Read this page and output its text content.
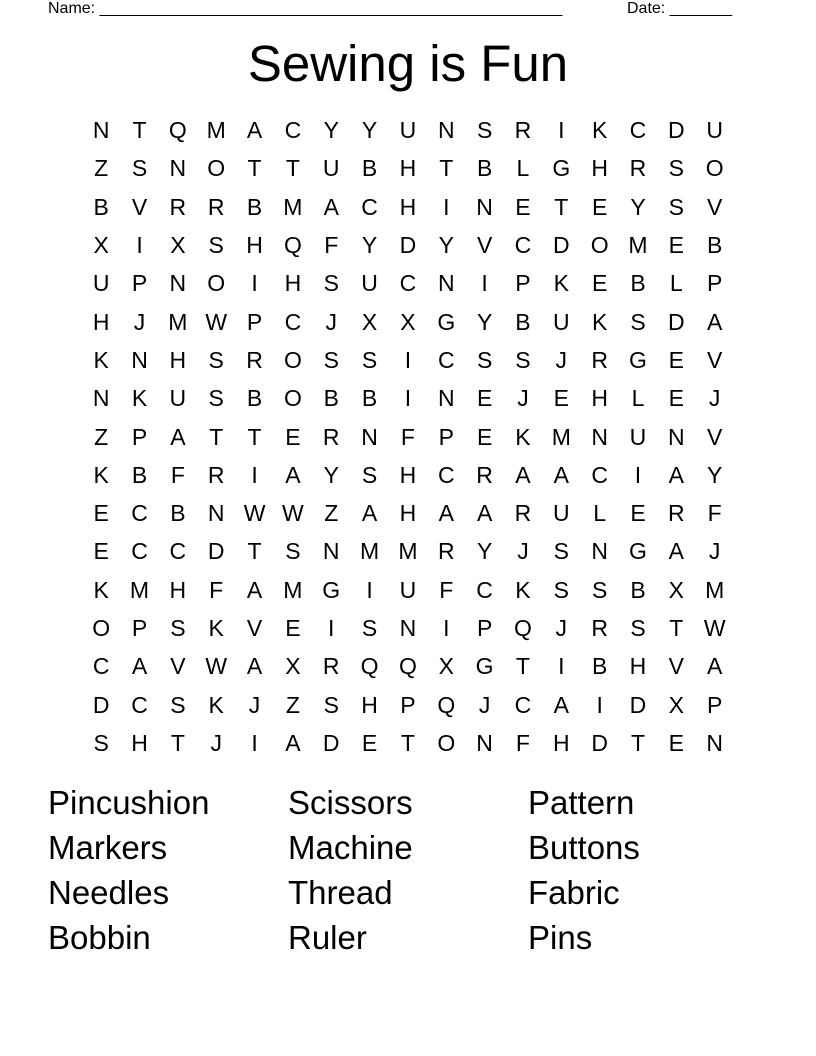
Name: ____________________________________________________	Date: _______
Sewing is Fun
N	T Q M A C Y	Y U N S R	I	K C D U
Z	S N O T	T	U B H	T	B	L	G H R S O
B	V R R B M A C H	I	N E	T	E	Y	S	V
X	I	X	S H Q F	Y D Y	V C D O M E	B
U P N O	I	H S U C N	I	P	K	E	B	L	P
H	J	M W P C	J	X	X G Y	B U K	S D A
K N H S R O S	S	I	C S	S	J	R G E	V
N K U S	B O B	B	I	N E	J	E H	L	E	J
Z	P	A	T	T	E R N	F	P	E	K M N U N V
K	B	F	R	I	A	Y	S H C R A	A C	I	A	Y
E C B N W W Z	A H A	A R U	L	E R	F
E C C D	T	S N M M R Y	J	S N G A	J
K M H	F	A M G	I	U	F	C K	S	S	B	X M
O P	S	K	V	E	I	S N	I	P Q	J	R S	T W
C A	V W A	X R Q Q X G T	I	B H V	A
D C S	K	J	Z	S H P Q	J	C A	I	D X	P
S H	T	J	I	A D E	T O N	F	H D	T	E N
Pincushion	Scissors	Pattern
Markers	Machine	Buttons
Needles	Thread	Fabric
Bobbin	Ruler	Pins
